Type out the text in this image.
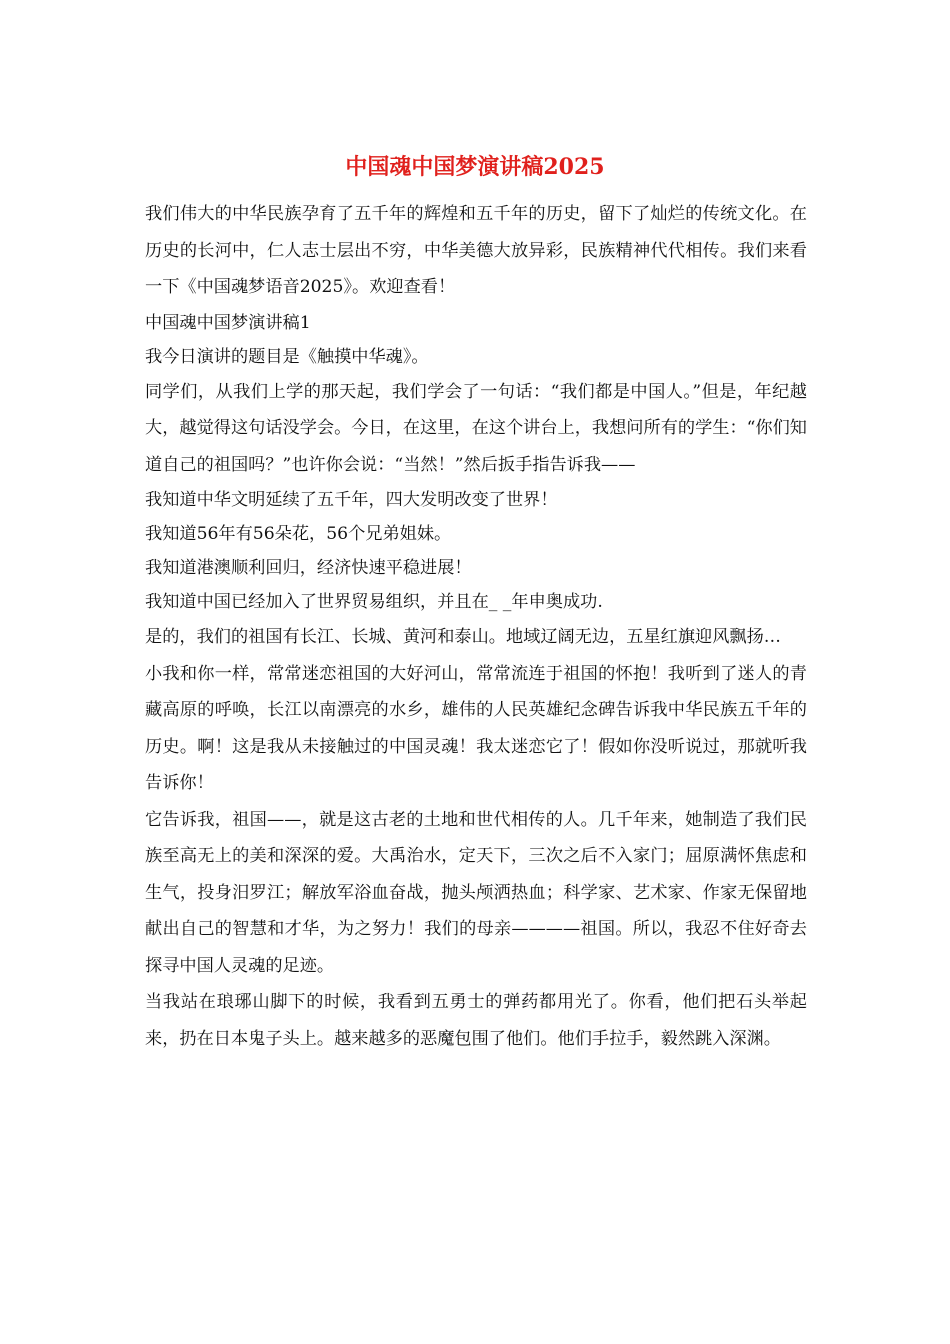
中国魂中国梦演讲稿2025

我们伟大的中华民族孕育了五千年的辉煌和五千年的历史，留下了灿烂的传统文化。在历史的长河中，仁人志士层出不穷，中华美德大放异彩，民族精神代代相传。我们来看一下《中国魂梦语音2025》。欢迎查看！

中国魂中国梦演讲稿1

我今日演讲的题目是《触摸中华魂》。

同学们，从我们上学的那天起，我们学会了一句话：“我们都是中国人。”但是，年纪越大，越觉得这句话没学会。今日，在这里，在这个讲台上，我想问所有的学生：“你们知道自己的祖国吗？”也许你会说：“当然！”然后扳手指告诉我——

我知道中华文明延续了五千年，四大发明改变了世界！

我知道56年有56朵花，56个兄弟姐妹。

我知道港澳顺利回归，经济快速平稳进展！

我知道中国已经加入了世界贸易组织，并且在_ _年申奥成功.

是的，我们的祖国有长江、长城、黄河和泰山。地域辽阔无边，五星红旗迎风飘扬…

小我和你一样，常常迷恋祖国的大好河山，常常流连于祖国的怀抱！我听到了迷人的青藏高原的呼唤，长江以南漂亮的水乡，雄伟的人民英雄纪念碑告诉我中华民族五千年的历史。啊！这是我从未接触过的中国灵魂！我太迷恋它了！假如你没听说过，那就听我告诉你！

它告诉我，祖国——，就是这古老的土地和世代相传的人。几千年来，她制造了我们民族至高无上的美和深深的爱。大禹治水，定天下，三次之后不入家门；屈原满怀焦虑和生气，投身汨罗江；解放军浴血奋战，抛头颅洒热血；科学家、艺术家、作家无保留地献出自己的智慧和才华，为之努力！我们的母亲————祖国。所以，我忍不住好奇去探寻中国人灵魂的足迹。

当我站在琅琊山脚下的时候，我看到五勇士的弹药都用光了。你看，他们把石头举起来，扔在日本鬼子头上。越来越多的恶魔包围了他们。他们手拉手，毅然跳入深渊。
